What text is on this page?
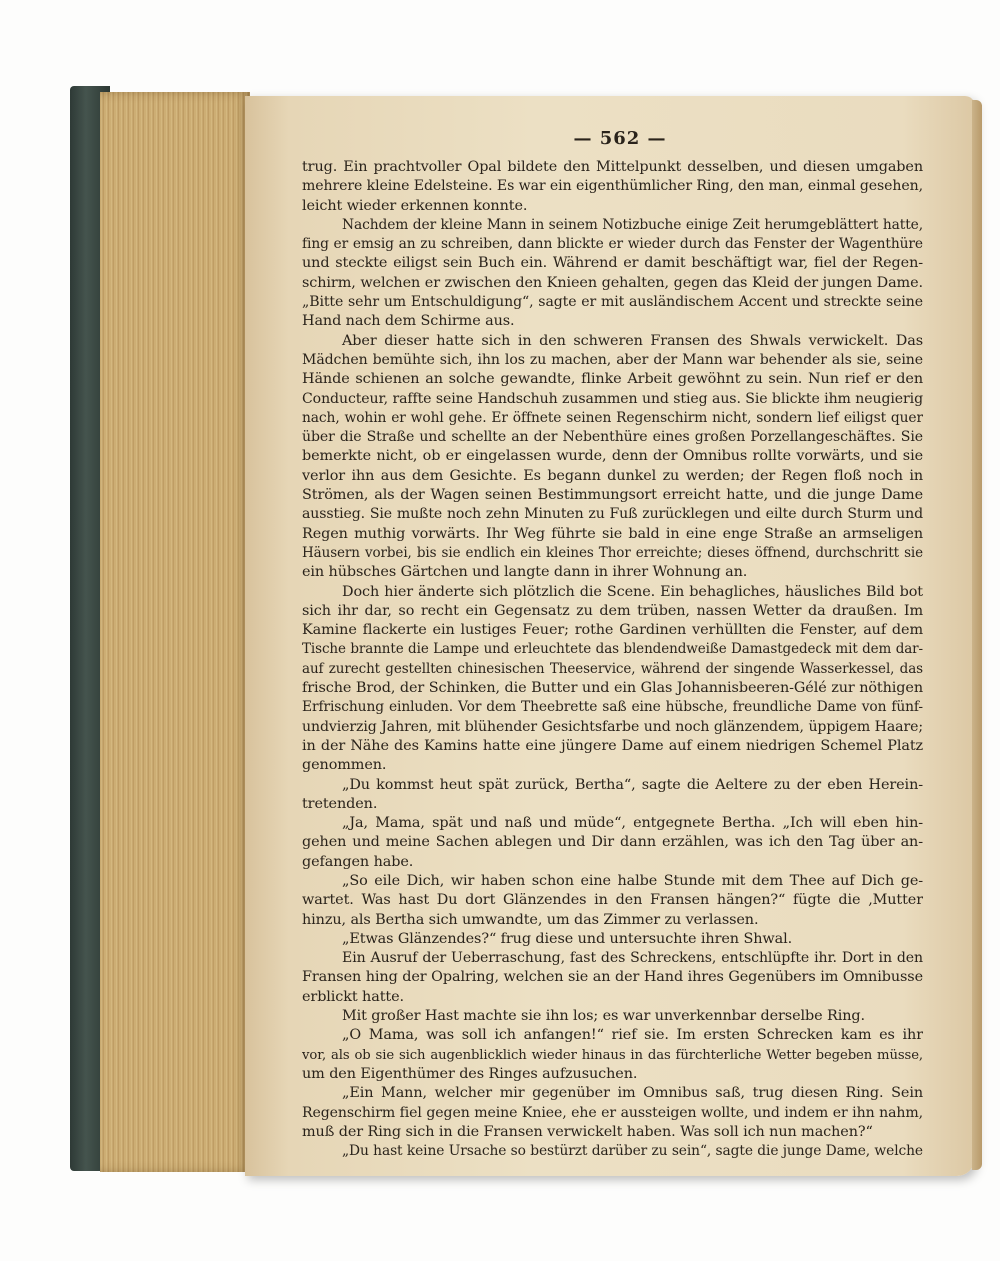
— 562 —
trug. Ein prachtvoller Opal bildete den Mittelpunkt desselben, und diesen umgaben
mehrere kleine Edelsteine. Es war ein eigenthümlicher Ring, den man, einmal gesehen,
leicht wieder erkennen konnte.
Nachdem der kleine Mann in seinem Notizbuche einige Zeit herumgeblättert hatte,
fing er emsig an zu schreiben, dann blickte er wieder durch das Fenster der Wagenthüre
und steckte eiligst sein Buch ein. Während er damit beschäftigt war, fiel der Regen-
schirm, welchen er zwischen den Knieen gehalten, gegen das Kleid der jungen Dame.
„Bitte sehr um Entschuldigung“, sagte er mit ausländischem Accent und streckte seine
Hand nach dem Schirme aus.
Aber dieser hatte sich in den schweren Fransen des Shwals verwickelt. Das
Mädchen bemühte sich, ihn los zu machen, aber der Mann war behender als sie, seine
Hände schienen an solche gewandte, flinke Arbeit gewöhnt zu sein. Nun rief er den
Conducteur, raffte seine Handschuh zusammen und stieg aus. Sie blickte ihm neugierig
nach, wohin er wohl gehe. Er öffnete seinen Regenschirm nicht, sondern lief eiligst quer
über die Straße und schellte an der Nebenthüre eines großen Porzellangeschäftes. Sie
bemerkte nicht, ob er eingelassen wurde, denn der Omnibus rollte vorwärts, und sie
verlor ihn aus dem Gesichte. Es begann dunkel zu werden; der Regen floß noch in
Strömen, als der Wagen seinen Bestimmungsort erreicht hatte, und die junge Dame
ausstieg. Sie mußte noch zehn Minuten zu Fuß zurücklegen und eilte durch Sturm und
Regen muthig vorwärts. Ihr Weg führte sie bald in eine enge Straße an armseligen
Häusern vorbei, bis sie endlich ein kleines Thor erreichte; dieses öffnend, durchschritt sie
ein hübsches Gärtchen und langte dann in ihrer Wohnung an.
Doch hier änderte sich plötzlich die Scene. Ein behagliches, häusliches Bild bot
sich ihr dar, so recht ein Gegensatz zu dem trüben, nassen Wetter da draußen. Im
Kamine flackerte ein lustiges Feuer; rothe Gardinen verhüllten die Fenster, auf dem
Tische brannte die Lampe und erleuchtete das blendendweiße Damastgedeck mit dem dar-
auf zurecht gestellten chinesischen Theeservice, während der singende Wasserkessel, das
frische Brod, der Schinken, die Butter und ein Glas Johannisbeeren-Gélé zur nöthigen
Erfrischung einluden. Vor dem Theebrette saß eine hübsche, freundliche Dame von fünf-
undvierzig Jahren, mit blühender Gesichtsfarbe und noch glänzendem, üppigem Haare;
in der Nähe des Kamins hatte eine jüngere Dame auf einem niedrigen Schemel Platz
genommen.
„Du kommst heut spät zurück, Bertha“, sagte die Aeltere zu der eben Herein-
tretenden.
„Ja, Mama, spät und naß und müde“, entgegnete Bertha. „Ich will eben hin-
gehen und meine Sachen ablegen und Dir dann erzählen, was ich den Tag über an-
gefangen habe.
„So eile Dich, wir haben schon eine halbe Stunde mit dem Thee auf Dich ge-
wartet. Was hast Du dort Glänzendes in den Fransen hängen?“ fügte die ‚Mutter
hinzu, als Bertha sich umwandte, um das Zimmer zu verlassen.
„Etwas Glänzendes?“ frug diese und untersuchte ihren Shwal.
Ein Ausruf der Ueberraschung, fast des Schreckens, entschlüpfte ihr. Dort in den
Fransen hing der Opalring, welchen sie an der Hand ihres Gegenübers im Omnibusse
erblickt hatte.
Mit großer Hast machte sie ihn los; es war unverkennbar derselbe Ring.
„O Mama, was soll ich anfangen!“ rief sie. Im ersten Schrecken kam es ihr
vor, als ob sie sich augenblicklich wieder hinaus in das fürchterliche Wetter begeben müsse,
um den Eigenthümer des Ringes aufzusuchen.
„Ein Mann, welcher mir gegenüber im Omnibus saß, trug diesen Ring. Sein
Regenschirm fiel gegen meine Kniee, ehe er aussteigen wollte, und indem er ihn nahm,
muß der Ring sich in die Fransen verwickelt haben. Was soll ich nun machen?“
„Du hast keine Ursache so bestürzt darüber zu sein“, sagte die junge Dame, welche
